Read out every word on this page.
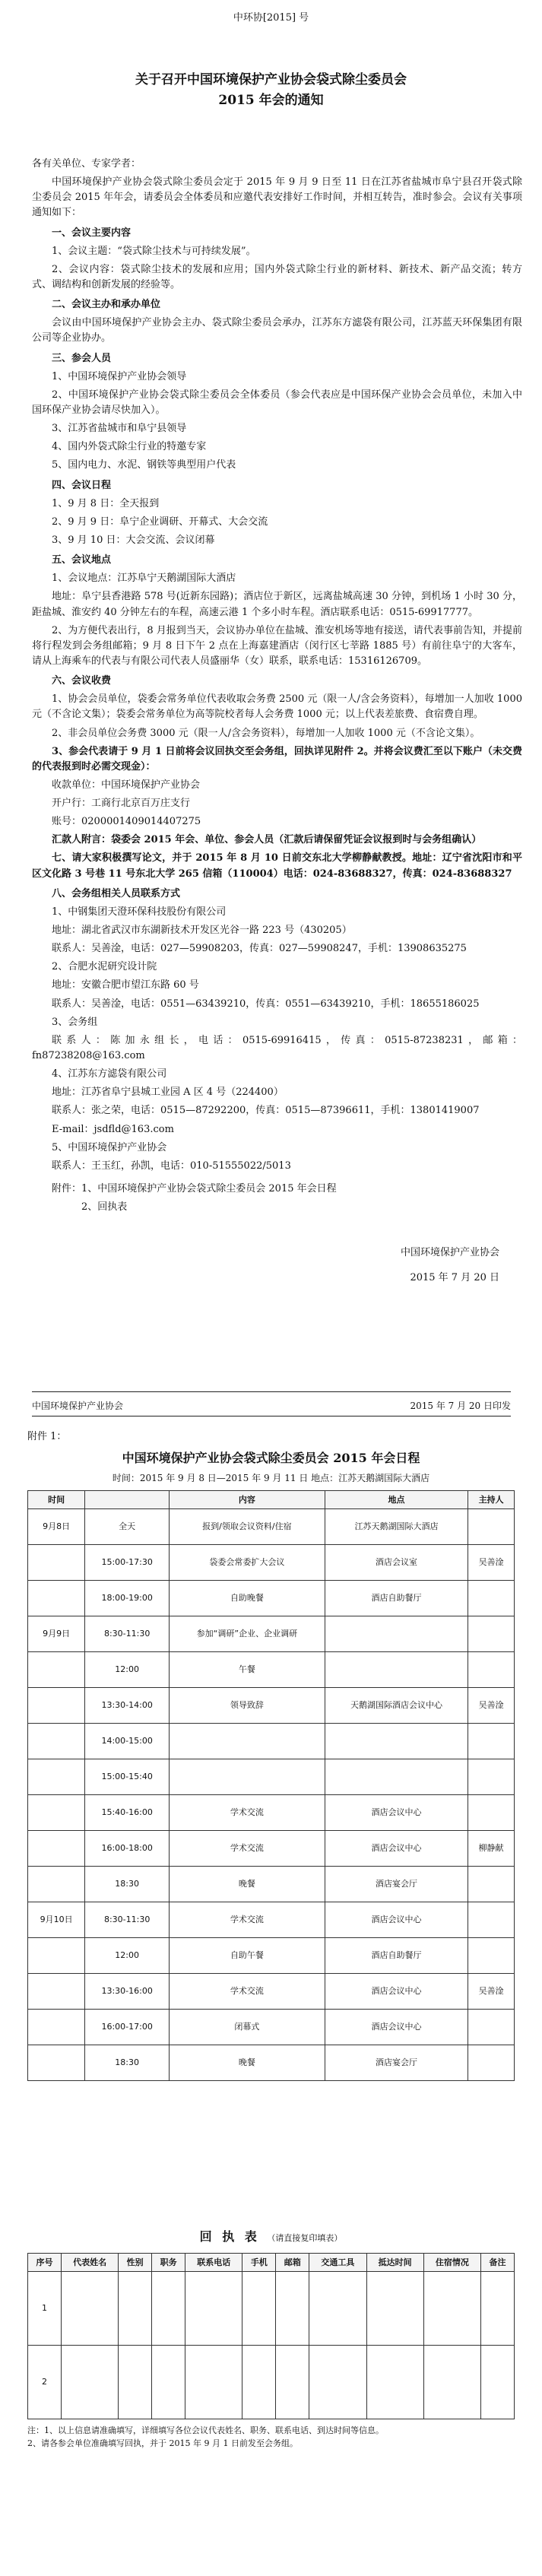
中环协[2015] 号
关于召开中国环境保护产业协会袋式除尘委员会
2015 年会的通知

各有关单位、专家学者：

中国环境保护产业协会袋式除尘委员会定于 2015 年 9 月 9 日至 11 日在江苏省盐城市阜宁县召开袋式除尘委员会 2015 年年会，请委员会全体委员和应邀代表安排好工作时间，并相互转告，准时参会。会议有关事项通知如下：

一、会议主要内容

1、会议主题：“袋式除尘技术与可持续发展”。

2、会议内容：袋式除尘技术的发展和应用；国内外袋式除尘行业的新材料、新技术、新产品交流；转方式、调结构和创新发展的经验等。

二、会议主办和承办单位

会议由中国环境保护产业协会主办、袋式除尘委员会承办，江苏东方滤袋有限公司，江苏蓝天环保集团有限公司等企业协办。

三、参会人员

1、中国环境保护产业协会领导

2、中国环境保护产业协会袋式除尘委员会全体委员（参会代表应是中国环保产业协会会员单位，未加入中国环保产业协会请尽快加入）。

3、江苏省盐城市和阜宁县领导

4、国内外袋式除尘行业的特邀专家

5、国内电力、水泥、钢铁等典型用户代表

四、会议日程

1、9 月 8 日：全天报到

2、9 月 9 日：阜宁企业调研、开幕式、大会交流

3、9 月 10 日：大会交流、会议闭幕

五、会议地点

1、会议地点：江苏阜宁天鹅湖国际大酒店

地址：阜宁县香港路 578 号(近新东园路)；酒店位于新区，远离盐城高速 30 分钟，到机场 1 小时 30 分，距盐城、淮安约 40 分钟左右的车程，高速云港 1 个多小时车程。酒店联系电话：0515-69917777。

2、为方便代表出行，8 月报到当天，会议协办单位在盐城、淮安机场等地有接送，请代表事前告知，并提前将行程发到会务组邮箱；9 月 8 日下午 2 点在上海嘉建酒店（闵行区七莘路 1885 号）有前往阜宁的大客车，请从上海乘车的代表与有限公司代表人员盛丽华（女）联系，联系电话：15316126709。

六、会议收费

1、协会会员单位，袋委会常务单位代表收取会务费 2500 元（限一人/含会务资料），每增加一人加收 1000 元（不含论文集）；袋委会常务单位为高等院校者每人会务费 1000 元；以上代表差旅费、食宿费自理。

2、非会员单位会务费 3000 元（限一人/含会务资料），每增加一人加收 1000 元（不含论文集）。

3、参会代表请于 9 月 1 日前将会议回执交至会务组，回执详见附件 2。并将会议费汇至以下账户（未交费的代表报到时必需交现金）：

收款单位：中国环境保护产业协会

开户行：工商行北京百万庄支行

账号：0200001409014407275

汇款人附言：袋委会 2015 年会、单位、参会人员（汇款后请保留凭证会议报到时与会务组确认）

七、请大家积极撰写论文，并于 2015 年 8 月 10 日前交东北大学柳静献教授。地址：辽宁省沈阳市和平区文化路 3 号巷 11 号东北大学 265 信箱（110004）电话：024-83688327，传真：024-83688327

八、会务组相关人员联系方式

1、中钢集团天澄环保科技股份有限公司

地址：湖北省武汉市东湖新技术开发区光谷一路 223 号（430205）

联系人：吴善淦，电话：027—59908203，传真：027—59908247，手机：13908635275

2、合肥水泥研究设计院

地址：安徽合肥市望江东路 60 号

联系人：吴善淦，电话：0551—63439210，传真：0551—63439210，手机：18655186025

3、会务组

联系人：陈加永组长，电话：0515-69916415，传真：0515-87238231，邮箱：fn87238208@163.com

4、江苏东方滤袋有限公司

地址：江苏省阜宁县城工业园 A 区 4 号（224400）

联系人：张之荣，电话：0515—87292200，传真：0515—87396611，手机：13801419007

E-mail：jsdfld@163.com

5、中国环境保护产业协会

联系人：王玉红，孙凯，电话：010-51555022/5013

附件：1、中国环境保护产业协会袋式除尘委员会 2015 年会日程

2、回执表

中国环境保护产业协会

2015 年 7 月 20 日

中国环境保护产业协会	2015 年 7 月 20 日印发
附件 1：
中国环境保护产业协会袋式除尘委员会 2015 年会日程
时间：2015 年 9 月 8 日—2015 年 9 月 11 日 地点：江苏天鹅湖国际大酒店
时间		内容	地点	主持人
9月8日	全天	报到/领取会议资料/住宿	江苏天鹅湖国际大酒店	
	15:00-17:30	袋委会常委扩大会议	酒店会议室	吴善淦
	18:00-19:00	自助晚餐	酒店自助餐厅	
9月9日	8:30-11:30	参加“调研”企业、企业调研		
	12:00	午餐		
	13:30-14:00	领导致辞	天鹅湖国际酒店会议中心	吴善淦
	14:00-15:00			
	15:00-15:40			
	15:40-16:00	学术交流	酒店会议中心	
	16:00-18:00	学术交流	酒店会议中心	柳静献
	18:30	晚餐	酒店宴会厅	
9月10日	8:30-11:30	学术交流	酒店会议中心	
	12:00	自助午餐	酒店自助餐厅	
	13:30-16:00	学术交流	酒店会议中心	吴善淦
	16:00-17:00	闭幕式	酒店会议中心	
	18:30	晚餐	酒店宴会厅	
回 执 表 （请直接复印填表）
序号	代表姓名	性别	职务	联系电话	手机	邮箱	交通工具	抵达时间	住宿情况	备注
1										
2										
注：1、以上信息请准确填写，详细填写各位会议代表姓名、职务、联系电话、到达时间等信息。
2、请各参会单位准确填写回执，并于 2015 年 9 月 1 日前发至会务组。
